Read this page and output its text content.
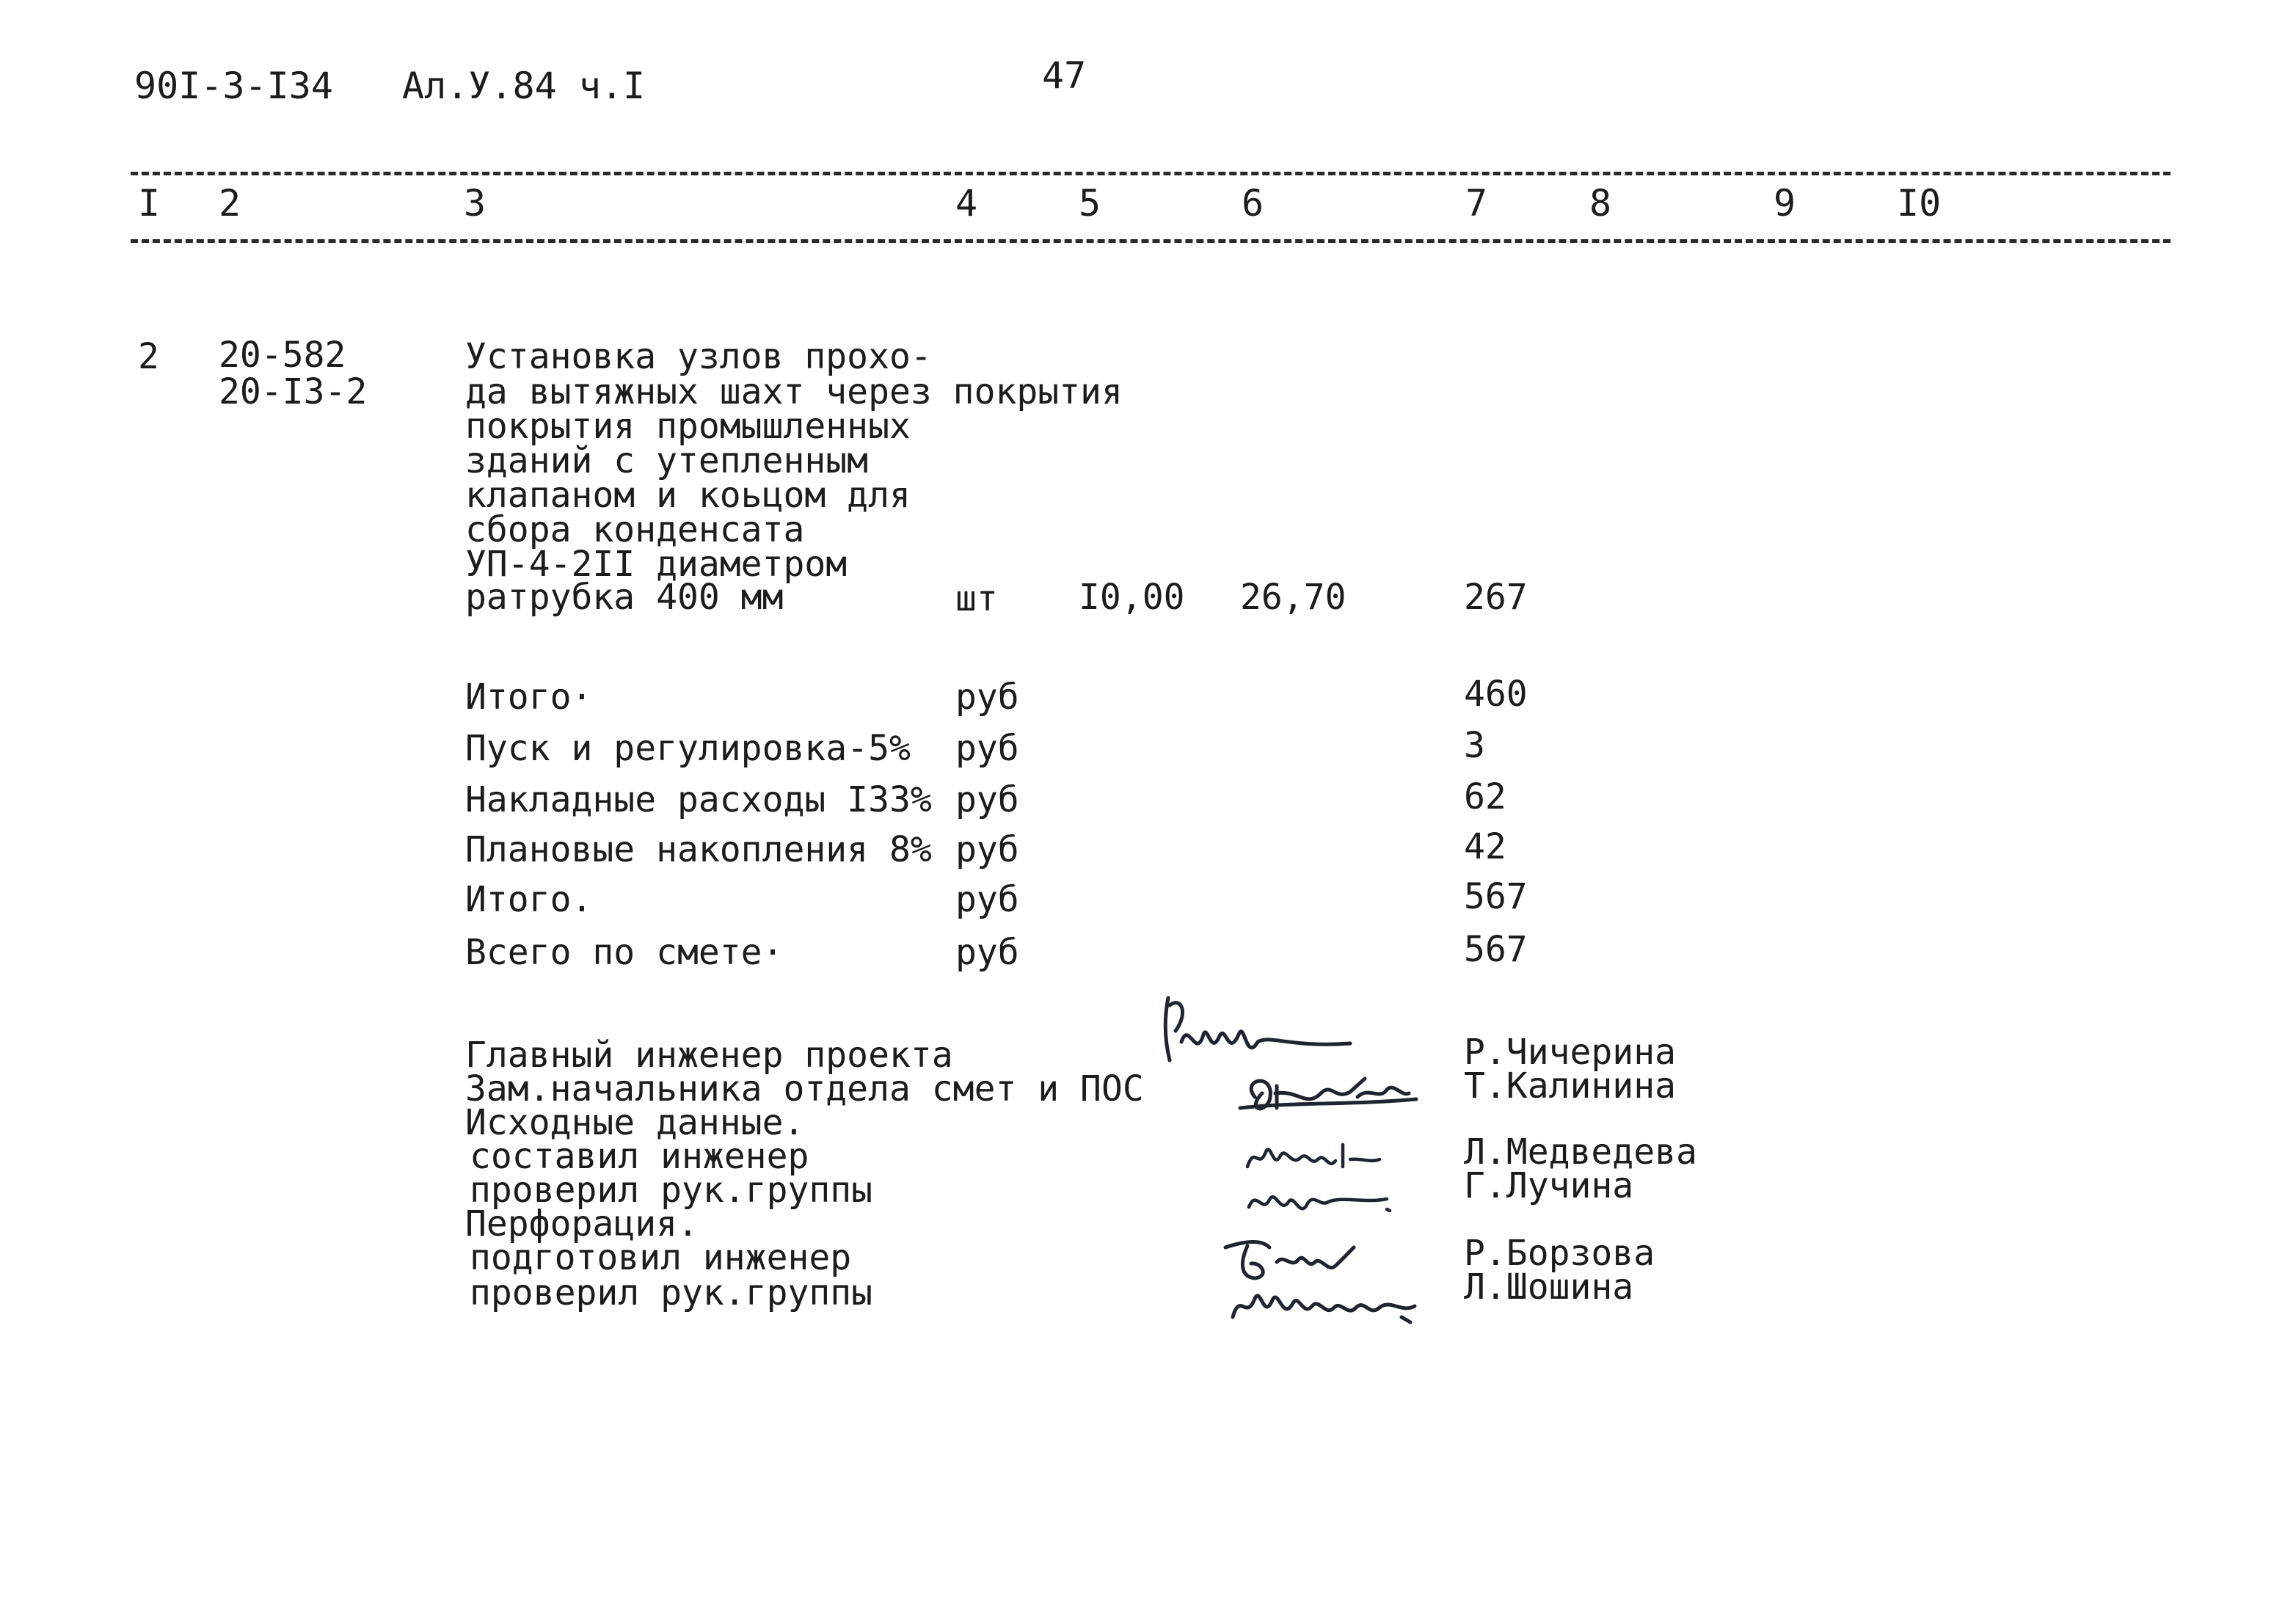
90I-3-I34 Ал.У.84 ч.I	47
I 2	3	4	5	6	7	8	9	I0
2 20-582
20-I3-2
Установка узлов прохо-
да вытяжных шахт через покрытия
покрытия промышленных
зданий с утепленным
клапаном и коьцом для
сбора конденсата
УП-4-2II диаметром
ратрубка 400 мм	шт I0,00 26,70	267
Итого·	руб	460
Пуск и регулировка-5% руб	3
Накладные расходы I33% руб	62
Плановые накопления 8% руб	42
Итого.	руб	567
Всего по смете·	руб	567
Главный инженер проекта	Р.Чичерина
Зам.начальника отдела смет и ПОС	Т.Калинина
Исходные данные.
составил инженер	Л.Медведева
проверил рук.группы	Г.Лучина
Перфорация.
подготовил инженер	Р.Борзова
проверил рук.группы	Л.Шошина
